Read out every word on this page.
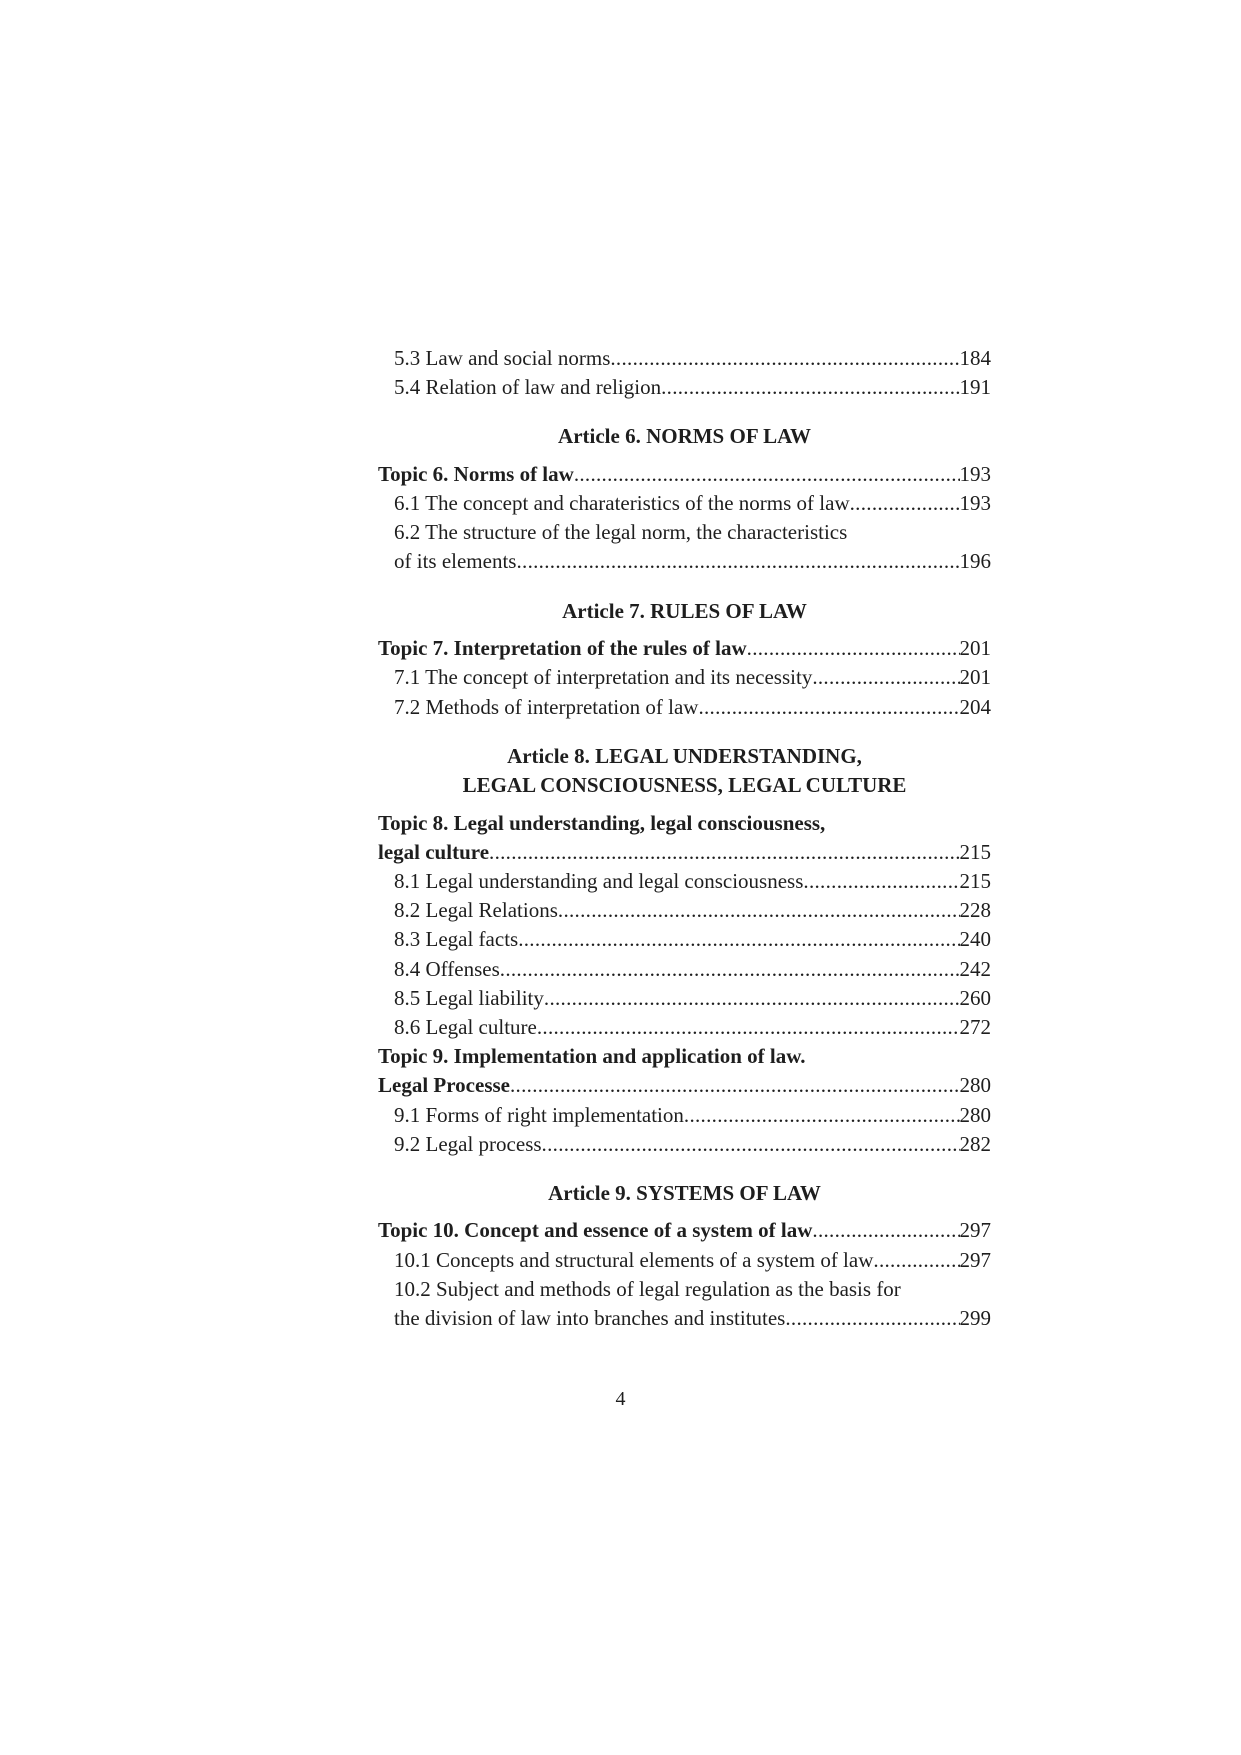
5.3 Law and social norms .....	184
5.4 Relation of law and religion .....	191
Article 6. NORMS OF LAW
Topic 6. Norms of law .....	193
6.1 The concept and charateristics of the norms of law .....	193
6.2 The structure of the legal norm, the characteristics
of its elements .....	196
Article 7. RULES OF LAW
Topic 7. Interpretation of the rules of law .....	201
7.1 The concept of interpretation and its necessity .....	201
7.2 Methods of interpretation of law .....	204
Article 8. LEGAL UNDERSTANDING,
LEGAL CONSCIOUSNESS, LEGAL CULTURE
Topic 8. Legal understanding, legal consciousness,
legal culture .....	215
8.1 Legal understanding and legal consciousness .....	215
8.2 Legal Relations .....	228
8.3 Legal facts .....	240
8.4 Offenses .....	242
8.5 Legal liability .....	260
8.6 Legal culture .....	272
Topic 9. Implementation and application of law.
Legal Processe .....	280
9.1 Forms of right implementation .....	280
9.2 Legal process .....	282
Article 9. SYSTEMS OF LAW
Topic 10. Concept and essence of a system of law .....	297
10.1 Concepts and structural elements of a system of law .....	297
10.2 Subject and methods of legal regulation as the basis for
the division of law into branches and institutes .....	299
4
